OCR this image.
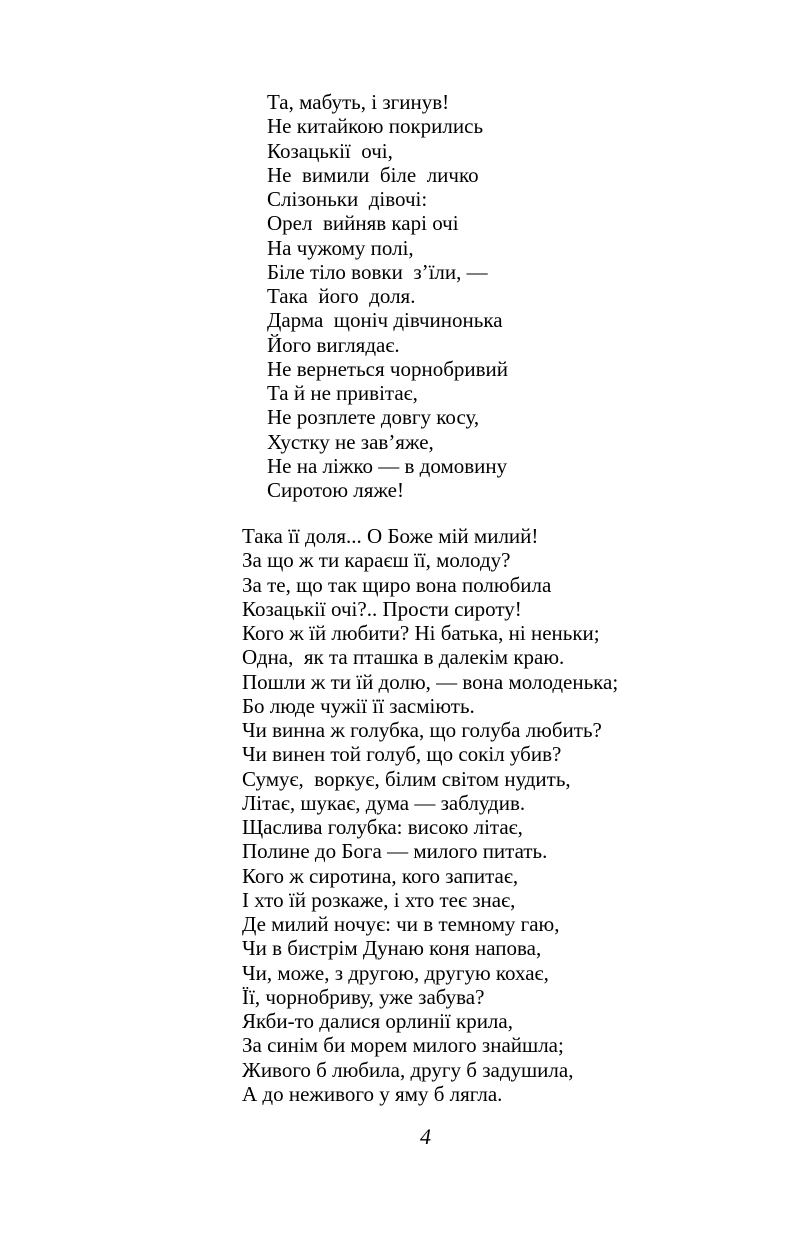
Та, мабуть, і згинув!
Не китайкою покрились
Козацькії  очі,
Не  вимили  біле  личко
Слізоньки  дівочі:
Орел  вийняв карі очі
На чужому полі,
Біле тіло вовки  з’їли, —
Така  його  доля.
Дарма  щоніч дівчинонька
Його виглядає.
Не вернеться чорнобривий
Та й не привітає,
Не розплете довгу косу,
Хустку не зав’яже,
Не на ліжко — в домовину
Сиротою ляже!
Така її доля... О Боже мій милий!
За що ж ти караєш її, молоду?
За те, що так щиро вона полюбила
Козацькії очі?.. Прости сироту!
Кого ж їй любити? Ні батька, ні неньки;
Одна,  як та пташка в далекім краю.
Пошли ж ти їй долю, — вона молоденька;
Бо люде чужії її засміють.
Чи винна ж голубка, що голуба любить?
Чи винен той голуб, що сокіл убив?
Сумує,  воркує, білим світом нудить,
Літає, шукає, дума — заблудив.
Щаслива голубка: високо літає,
Полине до Бога — милого питать.
Кого ж сиротина, кого запитає,
І хто їй розкаже, і хто теє знає,
Де милий ночує: чи в темному гаю,
Чи в бистрім Дунаю коня напова,
Чи, може, з другою, другую кохає,
Її, чорнобриву, уже забува?
Якби-то далися орлинії крила,
За синім би морем милого знайшла;
Живого б любила, другу б задушила,
А до неживого у яму б лягла.
4
